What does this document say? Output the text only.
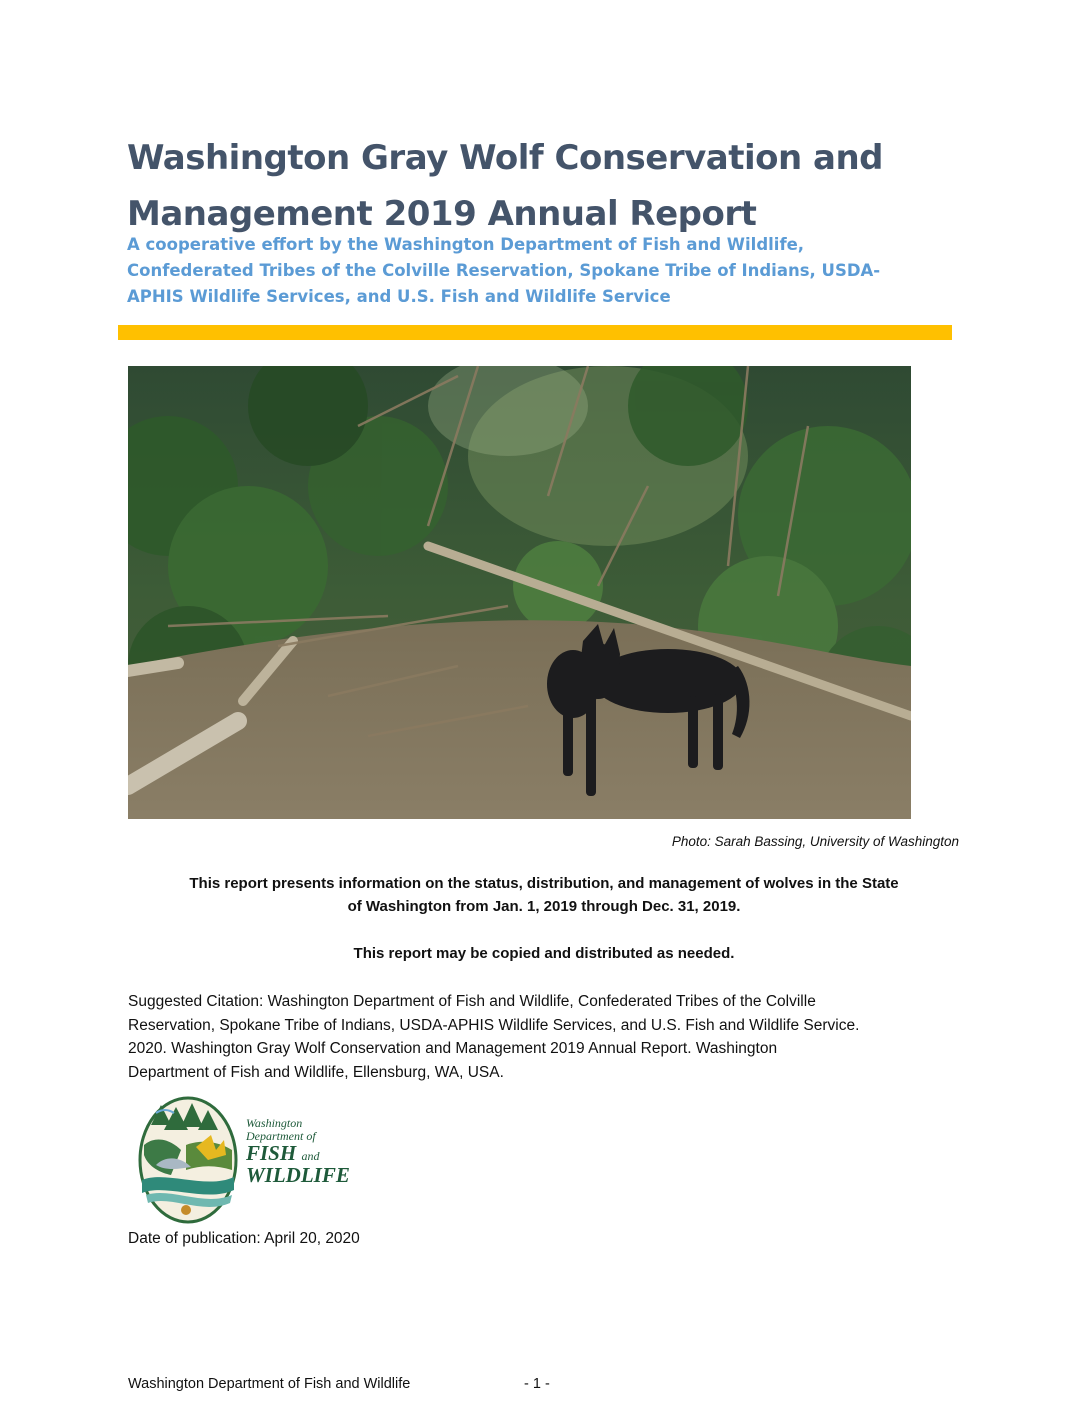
Washington Gray Wolf Conservation and
Management 2019 Annual Report
A cooperative effort by the Washington Department of Fish and Wildlife,
Confederated Tribes of the Colville Reservation, Spokane Tribe of Indians, USDA-
APHIS Wildlife Services, and U.S. Fish and Wildlife Service
Photo: Sarah Bassing, University of Washington
This report presents information on the status, distribution, and management of wolves in the State
of Washington from Jan. 1, 2019 through Dec. 31, 2019.
This report may be copied and distributed as needed.
Suggested Citation: Washington Department of Fish and Wildlife, Confederated Tribes of the Colville
Reservation, Spokane Tribe of Indians, USDA-APHIS Wildlife Services, and U.S. Fish and Wildlife Service.
2020. Washington Gray Wolf Conservation and Management 2019 Annual Report. Washington
Department of Fish and Wildlife, Ellensburg, WA, USA.
Washington
Department of
FISH and
WILDLIFE
Date of publication: April 20, 2020
Washington Department of Fish and Wildlife	- 1 -
